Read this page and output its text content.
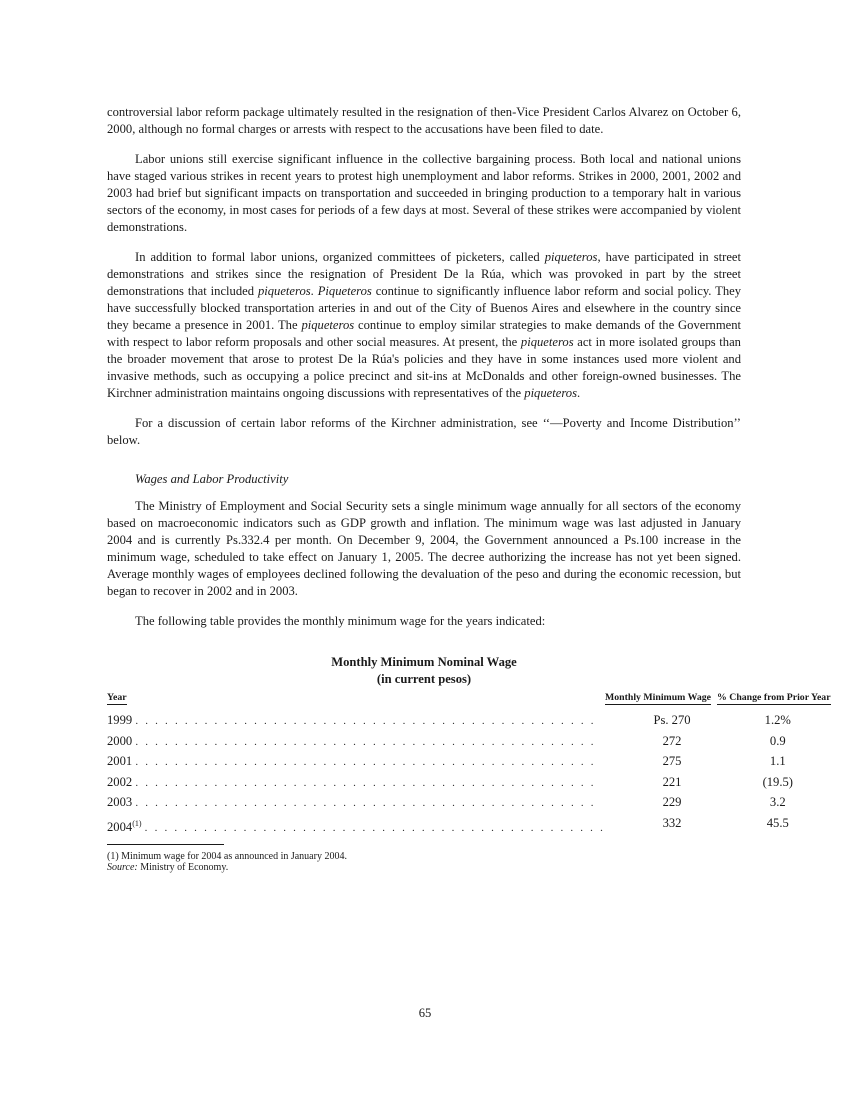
controversial labor reform package ultimately resulted in the resignation of then-Vice President Carlos Alvarez on October 6, 2000, although no formal charges or arrests with respect to the accusations have been filed to date.

Labor unions still exercise significant influence in the collective bargaining process. Both local and national unions have staged various strikes in recent years to protest high unemployment and labor reforms. Strikes in 2000, 2001, 2002 and 2003 had brief but significant impacts on transportation and succeeded in bringing production to a temporary halt in various sectors of the economy, in most cases for periods of a few days at most. Several of these strikes were accompanied by violent demonstrations.

In addition to formal labor unions, organized committees of picketers, called piqueteros, have participated in street demonstrations and strikes since the resignation of President De la Rúa, which was provoked in part by the street demonstrations that included piqueteros. Piqueteros continue to significantly influence labor reform and social policy. They have successfully blocked transportation arteries in and out of the City of Buenos Aires and elsewhere in the country since they became a presence in 2001. The piqueteros continue to employ similar strategies to make demands of the Government with respect to labor reform proposals and other social measures. At present, the piqueteros act in more isolated groups than the broader movement that arose to protest De la Rúa's policies and they have in some instances used more violent and invasive methods, such as occupying a police precinct and sit-ins at McDonalds and other foreign-owned businesses. The Kirchner administration maintains ongoing discussions with representatives of the piqueteros.

For a discussion of certain labor reforms of the Kirchner administration, see ‘‘—Poverty and Income Distribution’’ below.

Wages and Labor Productivity

The Ministry of Employment and Social Security sets a single minimum wage annually for all sectors of the economy based on macroeconomic indicators such as GDP growth and inflation. The minimum wage was last adjusted in January 2004 and is currently Ps.332.4 per month. On December 9, 2004, the Government announced a Ps.100 increase in the minimum wage, scheduled to take effect on January 1, 2005. The decree authorizing the increase has not yet been signed. Average monthly wages of employees declined following the devaluation of the peso and during the economic recession, but began to recover in 2002 and in 2003.

The following table provides the monthly minimum wage for the years indicated:

Monthly Minimum Nominal Wage
(in current pesos)
Year	Monthly Minimum Wage	% Change from Prior Year
1999 . . . . . . . . . . . . . . . . . . . . . . . . . . . . . . . . . . . . . . . . . . . . . . .	Ps. 270	1.2%
2000 . . . . . . . . . . . . . . . . . . . . . . . . . . . . . . . . . . . . . . . . . . . . . . .	272	0.9
2001 . . . . . . . . . . . . . . . . . . . . . . . . . . . . . . . . . . . . . . . . . . . . . . .	275	1.1
2002 . . . . . . . . . . . . . . . . . . . . . . . . . . . . . . . . . . . . . . . . . . . . . . .	221	(19.5)
2003 . . . . . . . . . . . . . . . . . . . . . . . . . . . . . . . . . . . . . . . . . . . . . . .	229	3.2
2004$^{(1)}$ . . . . . . . . . . . . . . . . . . . . . . . . . . . . . . . . . . . . . . . . . . . . . . .	332	45.5
(1) Minimum wage for 2004 as announced in January 2004.
Source: Ministry of Economy.
65
